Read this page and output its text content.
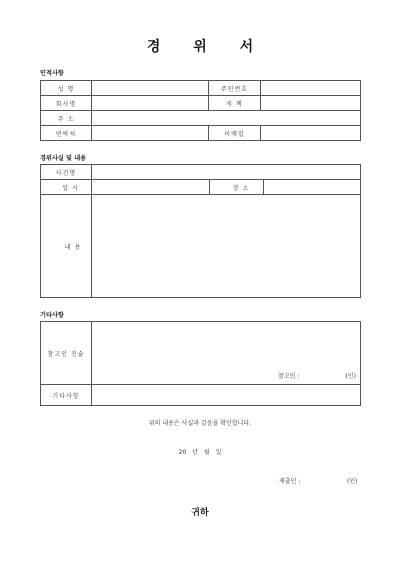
경 위 서
인적사항
성 명		주민번호	
회사명		직 책	
주 소			
연락처		이메일	
경위사실 및 내용
사건명			
일 시		장 소	
내 용			
기타사항
참고인 진술	참고인 : (인)

기타사항	
위의 내용은 사실과 같음을 확인합니다.
20 년 월 일
제출인 :	(인)
귀하
